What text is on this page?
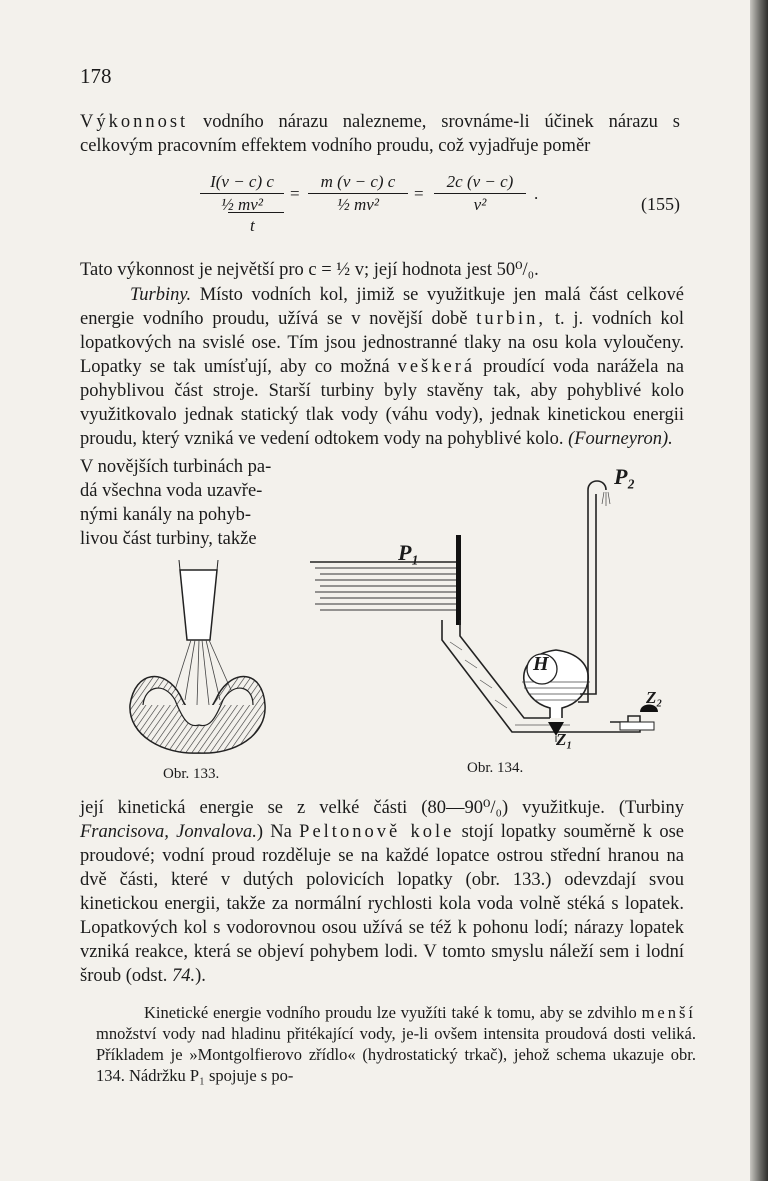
178

Výkonnost vodního nárazu nalezneme, srovnáme-li účinek nárazu s celkovým pracovním effektem vodního proudu, což vyjadřuje poměr

$\frac{I(v - c) c}{\text{½ mv²}}$
t
= $\frac{m (v - c) c}{\text{½ mv²}} = \frac{2c (v - c)}{\text{v²}}$ .
(155)

Tato výkonnost je největší pro c = ½ v; její hodnota jest 50⁰/₀.

Turbiny. Místo vodních kol, jimiž se využitkuje jen malá část celkové energie vodního proudu, užívá se v novější době turbin, t. j. vodních kol lopatkových na svislé ose. Tím jsou jednostranné tlaky na osu kola vyloučeny. Lopatky se tak umísťují, aby co možná veškerá proudící voda narážela na pohyblivou část stroje. Starší turbiny byly stavěny tak, aby pohyblivé kolo využitkovalo jednak statický tlak vody (váhu vody), jednak kinetickou energii proudu, který vzniká ve vedení odtokem vody na pohyblivé kolo. (Fourneyron).

V novějších turbinách pa-
dá všechna voda uzavře-
nými kanály na pohyb-
livou část turbiny, takže
Obr. 133.
P₁
P₂
H
Z₁
Z₂
Obr. 134.

její kinetická energie se z velké části (80—90⁰/₀) využitkuje. (Turbiny Francisova, Jonvalova.) Na Peltonově kole stojí lopatky souměrně k ose proudové; vodní proud rozděluje se na každé lopatce ostrou střední hranou na dvě části, které v dutých polovicích lopatky (obr. 133.) odevzdají svou kinetickou energii, takže za normální rychlosti kola voda volně stéká s lopatek. Lopatkových kol s vodorovnou osou užívá se též k pohonu lodí; nárazy lopatek vzniká reakce, která se objeví pohybem lodi. V tomto smyslu náleží sem i lodní šroub (odst. 74.).

Kinetické energie vodního proudu lze využíti také k tomu, aby se zdvihlo menší množství vody nad hladinu přitékající vody, je-li ovšem intensita proudová dosti veliká. Příkladem je »Montgolfierovo zřídlo« (hydrostatický trkač), jehož schema ukazuje obr. 134. Nádržku P₁ spojuje s po-
